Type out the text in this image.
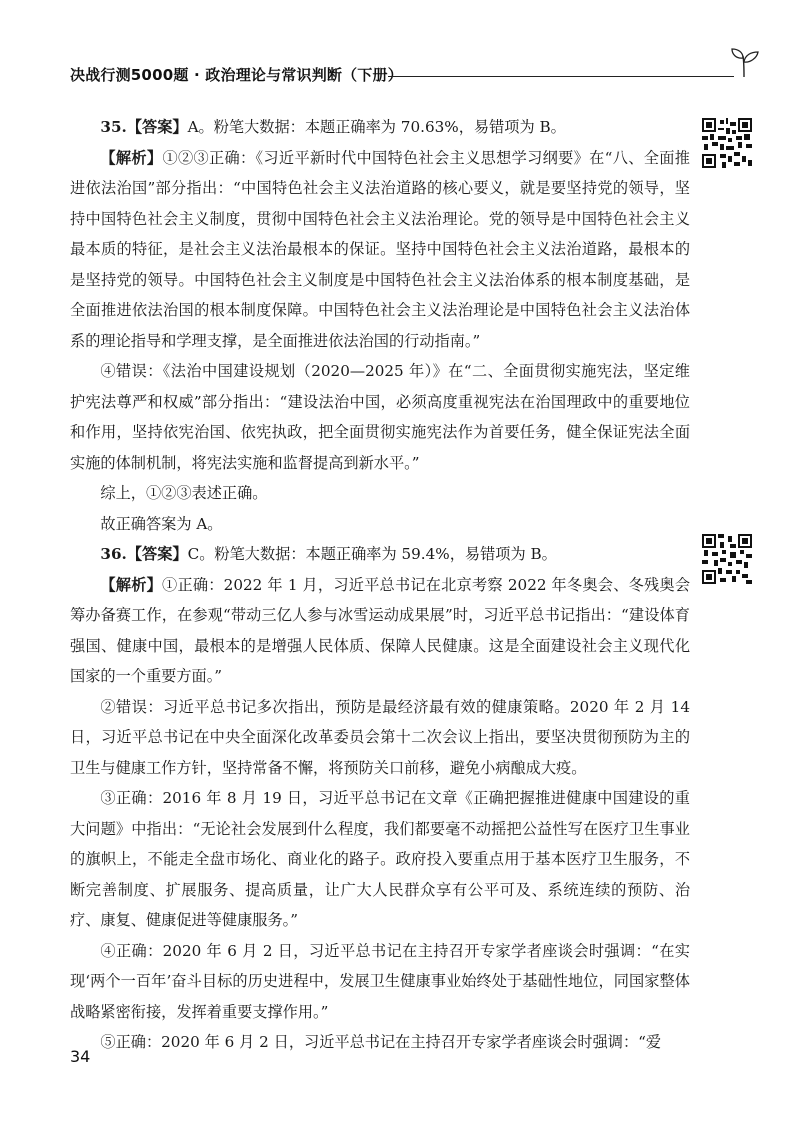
决战行测5000题 · 政治理论与常识判断（下册）

35.【答案】A。粉笔大数据：本题正确率为 70.63%，易错项为 B。

【解析】①②③正确：《习近平新时代中国特色社会主义思想学习纲要》在“八、全面推进依法治国”部分指出：“中国特色社会主义法治道路的核心要义，就是要坚持党的领导，坚持中国特色社会主义制度，贯彻中国特色社会主义法治理论。党的领导是中国特色社会主义最本质的特征，是社会主义法治最根本的保证。坚持中国特色社会主义法治道路，最根本的是坚持党的领导。中国特色社会主义制度是中国特色社会主义法治体系的根本制度基础，是全面推进依法治国的根本制度保障。中国特色社会主义法治理论是中国特色社会主义法治体系的理论指导和学理支撑，是全面推进依法治国的行动指南。”

④错误：《法治中国建设规划（2020—2025 年）》在“二、全面贯彻实施宪法，坚定维护宪法尊严和权威”部分指出：“建设法治中国，必须高度重视宪法在治国理政中的重要地位和作用，坚持依宪治国、依宪执政，把全面贯彻实施宪法作为首要任务，健全保证宪法全面实施的体制机制，将宪法实施和监督提高到新水平。”

综上，①②③表述正确。

故正确答案为 A。

36.【答案】C。粉笔大数据：本题正确率为 59.4%，易错项为 B。

【解析】①正确：2022 年 1 月，习近平总书记在北京考察 2022 年冬奥会、冬残奥会筹办备赛工作，在参观“带动三亿人参与冰雪运动成果展”时，习近平总书记指出：“建设体育强国、健康中国，最根本的是增强人民体质、保障人民健康。这是全面建设社会主义现代化国家的一个重要方面。”

②错误：习近平总书记多次指出，预防是最经济最有效的健康策略。2020 年 2 月 14 日，习近平总书记在中央全面深化改革委员会第十二次会议上指出，要坚决贯彻预防为主的卫生与健康工作方针，坚持常备不懈，将预防关口前移，避免小病酿成大疫。

③正确：2016 年 8 月 19 日，习近平总书记在文章《正确把握推进健康中国建设的重大问题》中指出：“无论社会发展到什么程度，我们都要毫不动摇把公益性写在医疗卫生事业的旗帜上，不能走全盘市场化、商业化的路子。政府投入要重点用于基本医疗卫生服务，不断完善制度、扩展服务、提高质量，让广大人民群众享有公平可及、系统连续的预防、治疗、康复、健康促进等健康服务。”

④正确：2020 年 6 月 2 日，习近平总书记在主持召开专家学者座谈会时强调：“在实现‘两个一百年’奋斗目标的历史进程中，发展卫生健康事业始终处于基础性地位，同国家整体战略紧密衔接，发挥着重要支撑作用。”

⑤正确：2020 年 6 月 2 日，习近平总书记在主持召开专家学者座谈会时强调：“爱

34
